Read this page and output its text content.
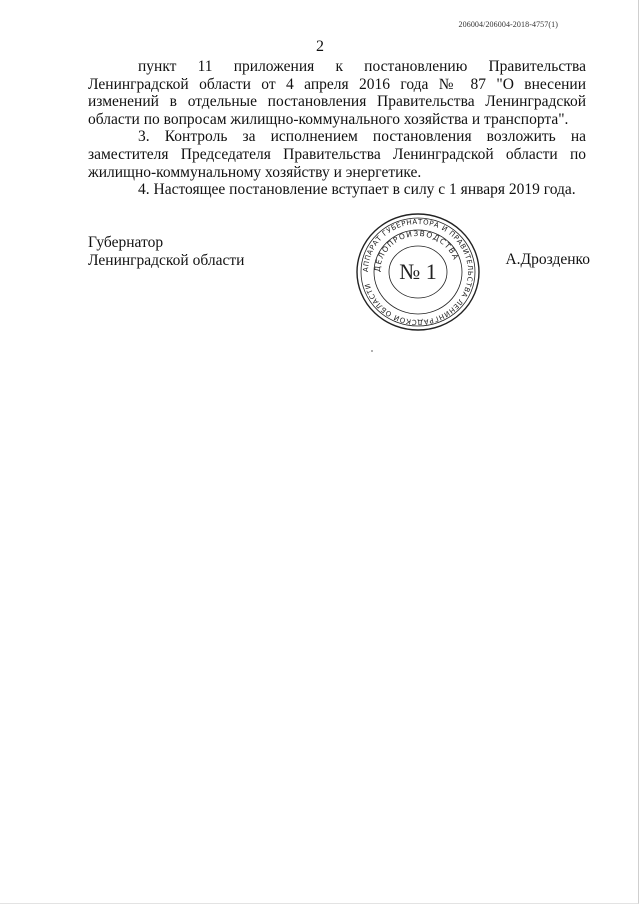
206004/206004-2018-4757(1)
2

пункт 11 приложения к постановлению Правительства Ленинградской области от 4 апреля 2016 года № 87 "О внесении изменений в отдельные постановления Правительства Ленинградской области по вопросам жилищно-коммунального хозяйства и транспорта".

3. Контроль за исполнением постановления возложить на заместителя Председателя Правительства Ленинградской области по жилищно-коммунальному хозяйству и энергетике.

4. Настоящее постановление вступает в силу с 1 января 2019 года.

Губернатор
Ленинградской области
АППАРАТ ГУБЕРНАТОРА И ПРАВИТЕЛЬСТВА ЛЕНИНГРАДСКОЙ ОБЛАСТИ
ДЕЛОПРОИЗВОДСТВА
№ 1	А.Дрозденко
